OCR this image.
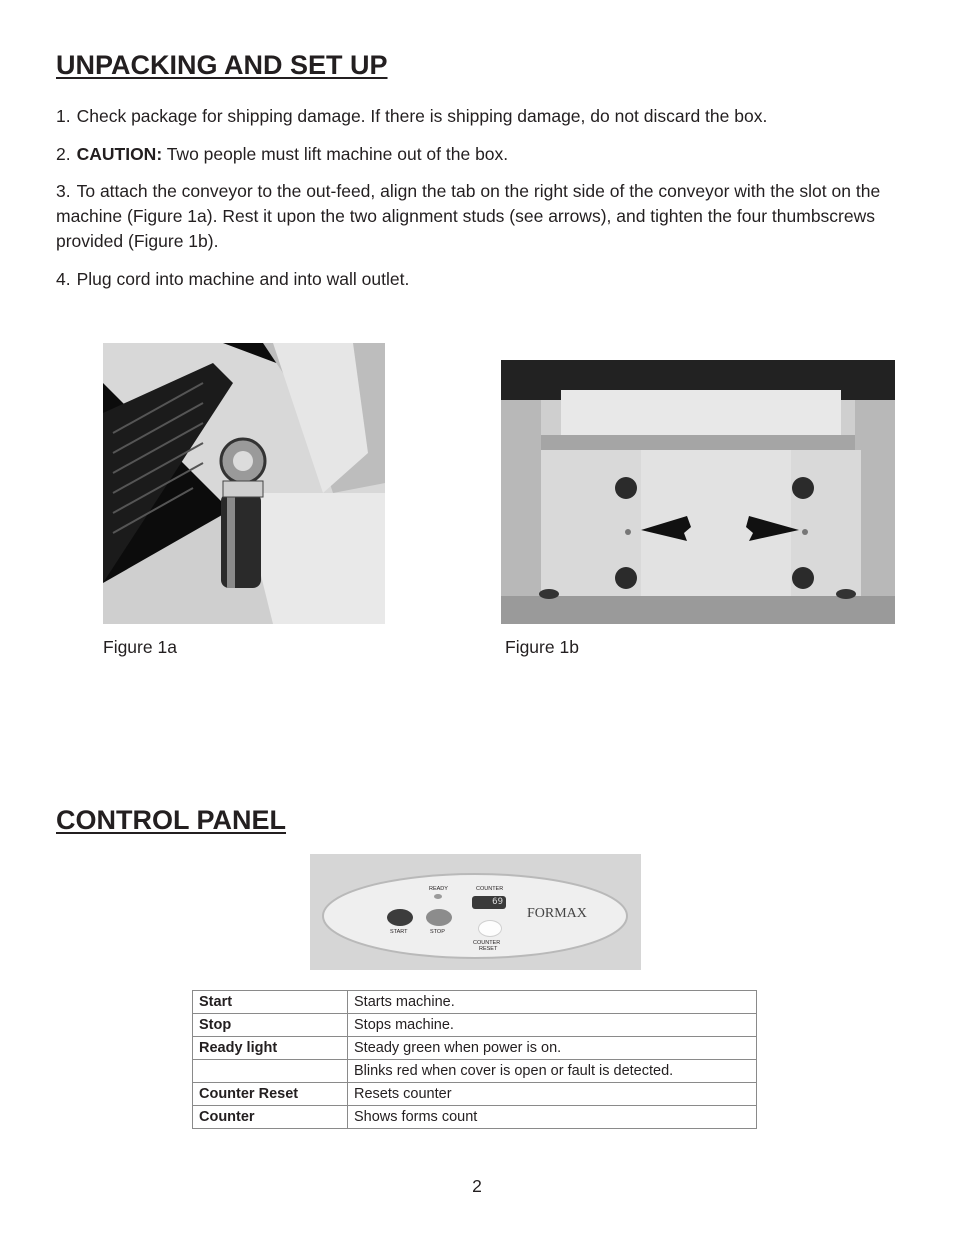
UNPACKING AND SET UP

1. Check package for shipping damage. If there is shipping damage, do not discard the box.

2. CAUTION: Two people must lift machine out of the box.

3. To attach the conveyor to the out-feed, align the tab on the right side of the conveyor with the slot on the machine (Figure 1a). Rest it upon the two alignment studs (see arrows), and tighten the four thumbscrews provided (Figure 1b).

4. Plug cord into machine and into wall outlet.

Figure 1a	Figure 1b
CONTROL PANEL
READY	COUNTER
69
START	STOP
COUNTER
RESET
FORMAX
Start	Starts machine.
Stop	Stops machine.
Ready light	Steady green when power is on.
	Blinks red when cover is open or fault is detected.
Counter Reset	Resets counter
Counter	Shows forms count
2
